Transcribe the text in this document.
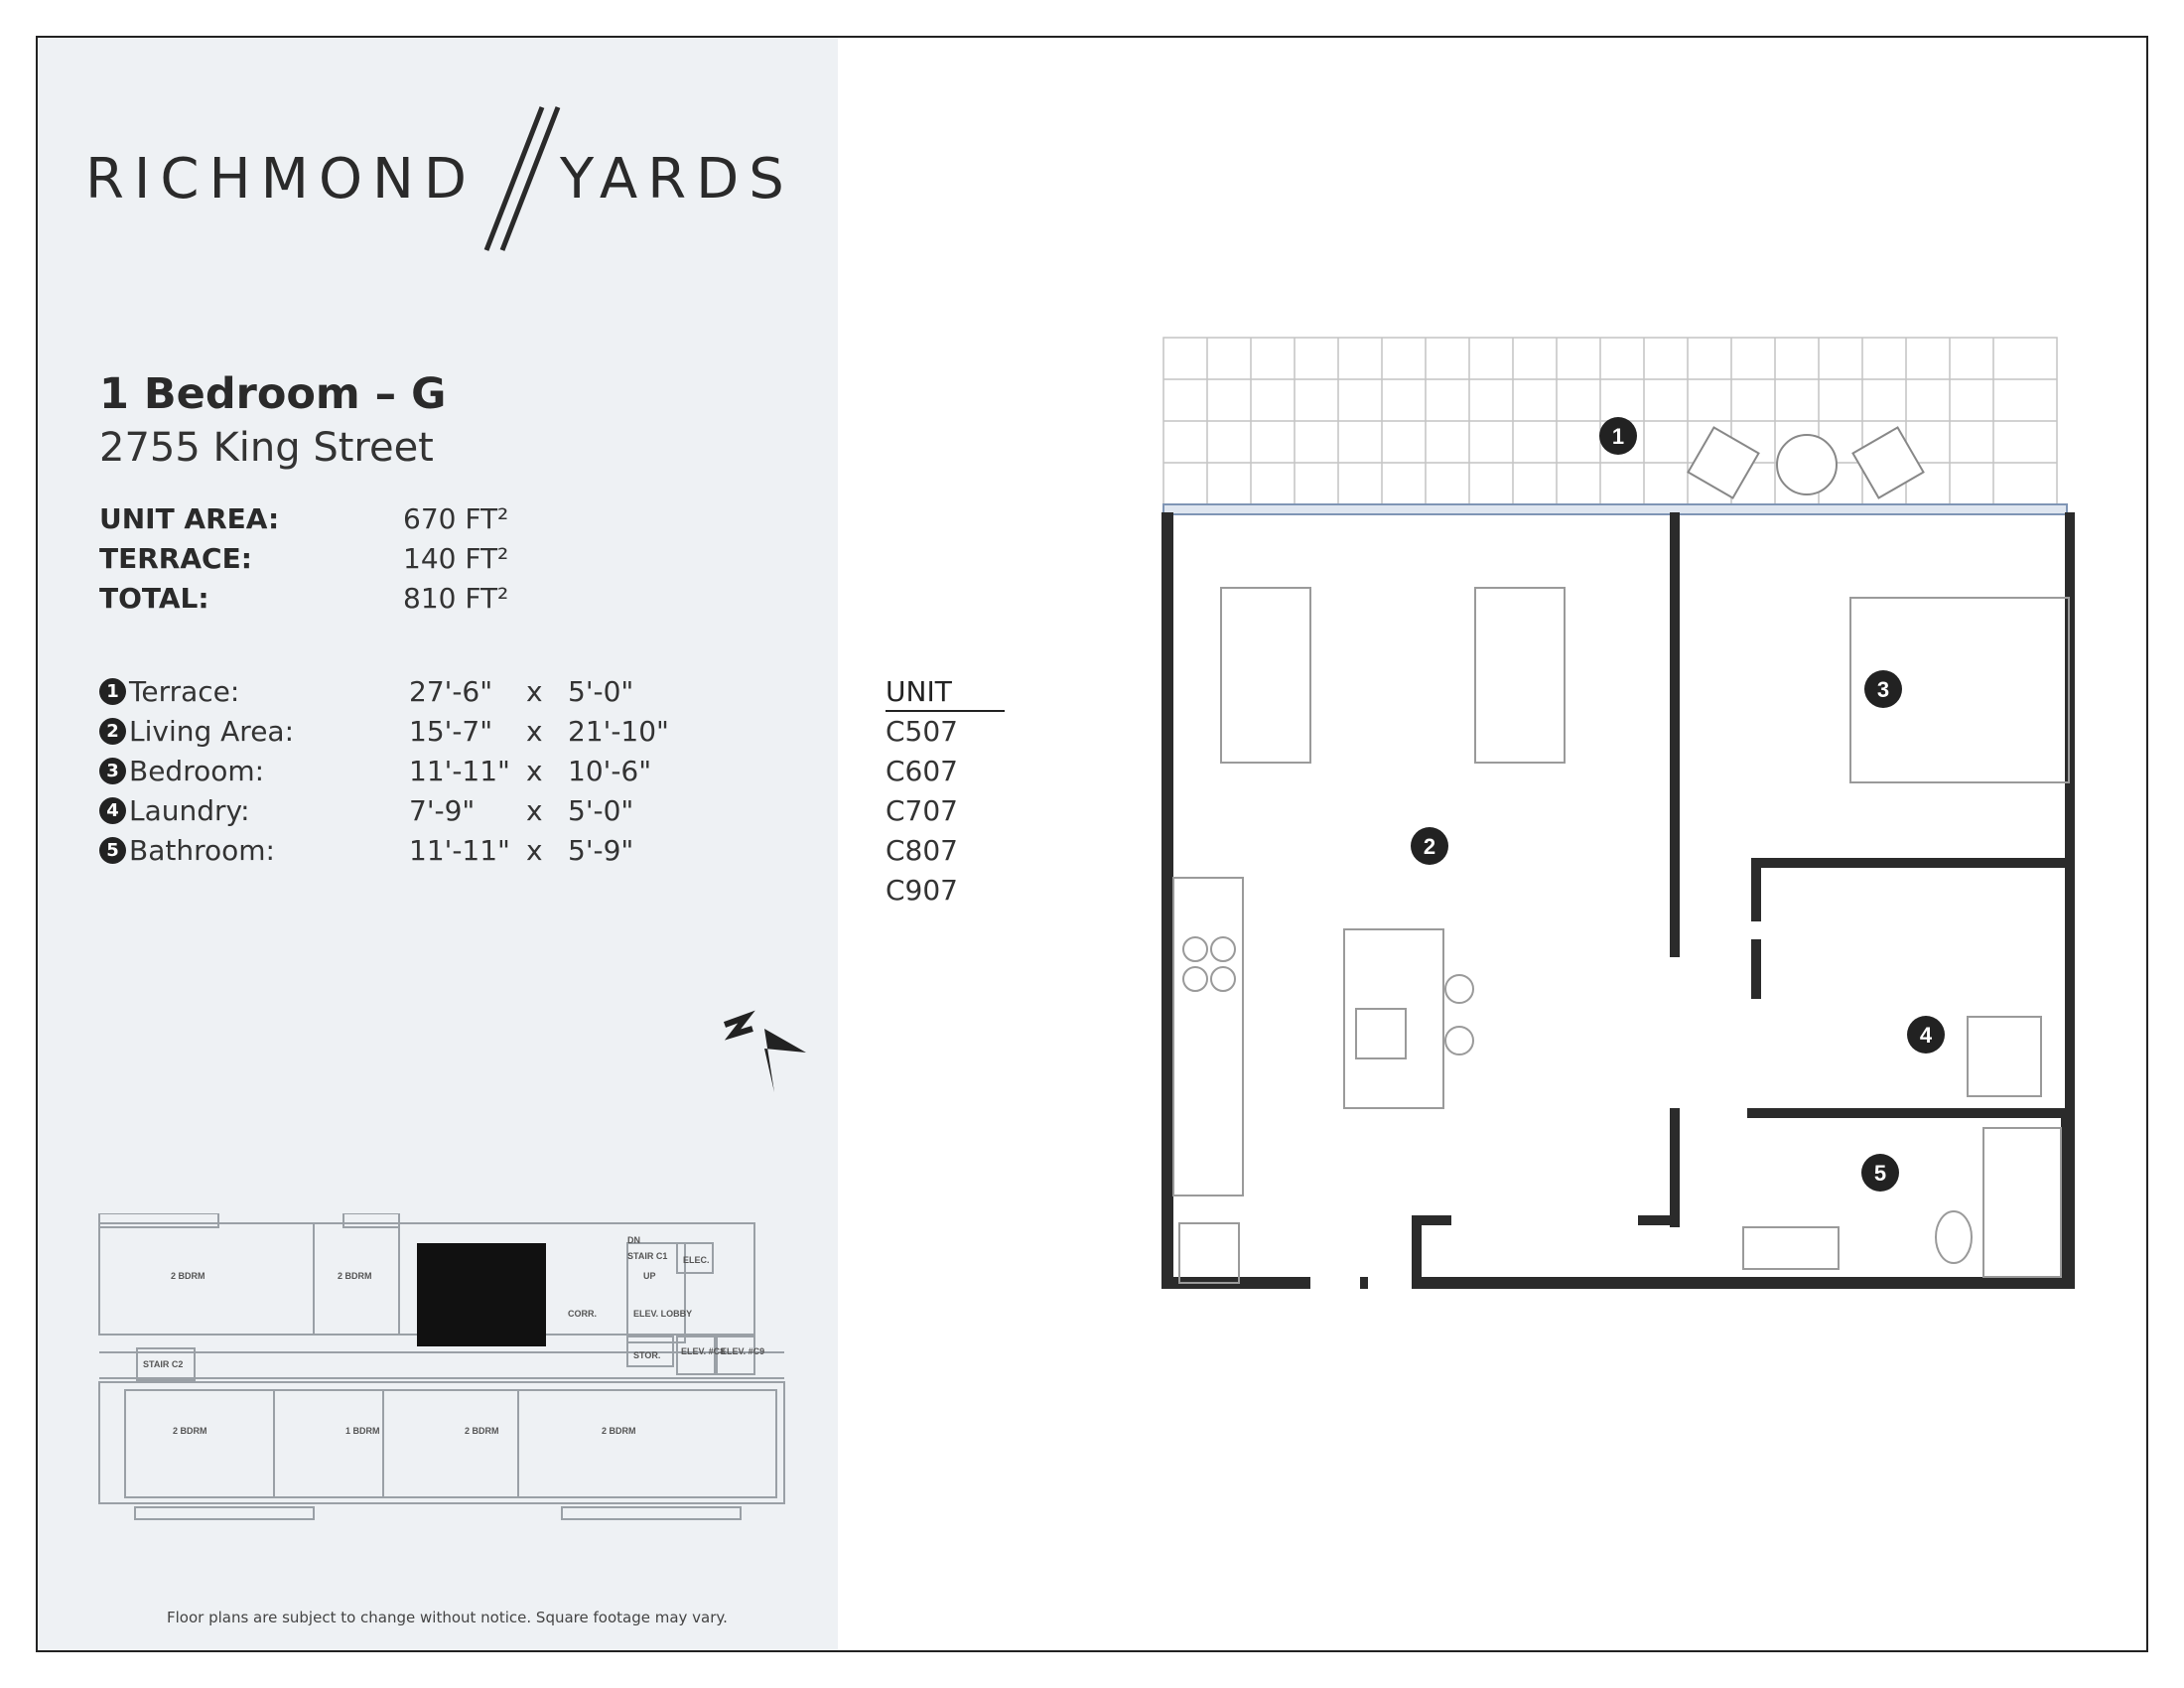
RICHMOND YARDS
1 Bedroom – G
2755 King Street
UNIT AREA:	670 FT²
TERRACE:	140 FT²
TOTAL:	810 FT²
1 Terrace:	27'-6" x 5'-0"
2 Living Area:	15'-7" x 21'-10"
3 Bedroom:	11'-11" x 10'-6"
4 Laundry:	7'-9" x 5'-0"
5 Bathroom:	11'-11" x 5'-9"
UNIT
C507
C607
C707
C807
C907
2 BDRM	2 BDRM
STAIR C1 ELEC.
CORR.	ELEV. LOBBY
STAIR C2
STOR. ELEV. #C8
ELEV. #C9
2 BDRM	1 BDRM	2 BDRM	2 BDRM
DN
UP
1
2
3
4
5
Floor plans are subject to change without notice. Square footage may vary.
